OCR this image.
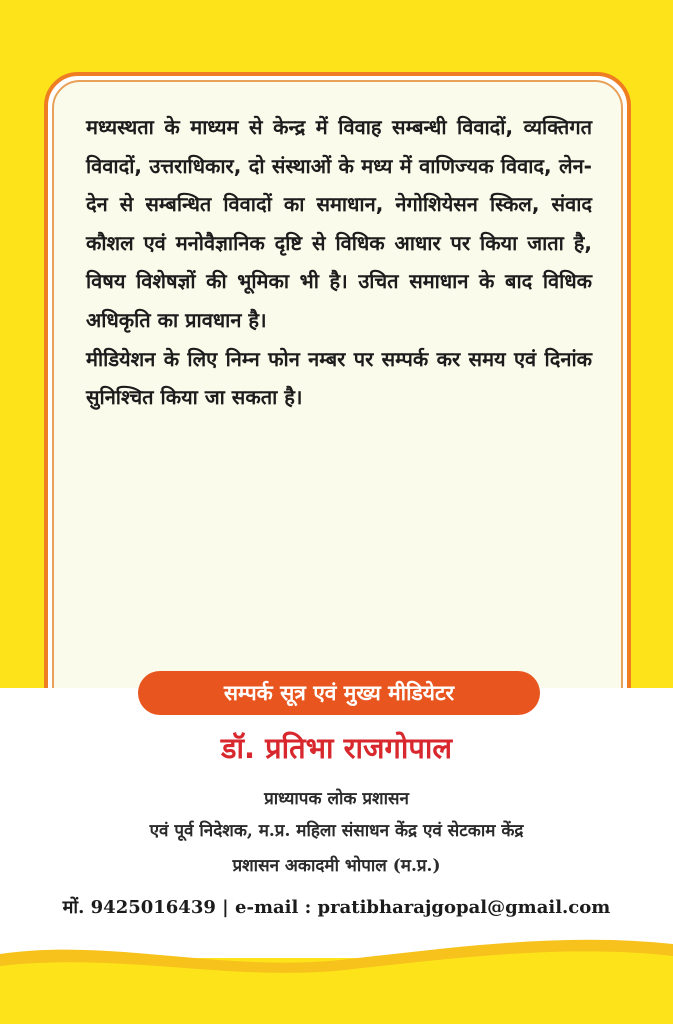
मध्यस्थता के माध्यम से केन्द्र में विवाह सम्बन्धी विवादों, व्यक्तिगत विवादों, उत्तराधिकार, दो संस्थाओं के मध्य में वाणिज्यक विवाद, लेन-देन से सम्बन्धित विवादों का समाधान, नेगोशियेसन स्किल, संवाद कौशल एवं मनोवैज्ञानिक दृष्टि से विधिक आधार पर किया जाता है, विषय विशेषज्ञों की भूमिका भी है। उचित समाधान के बाद विधिक अधिकृति का प्रावधान है।

मीडियेशन के लिए निम्न फोन नम्बर पर सम्पर्क कर समय एवं दिनांक सुनिश्चित किया जा सकता है।

सम्पर्क सूत्र एवं मुख्य मीडियेटर
डॉ. प्रतिभा राजगोपाल
प्राध्यापक लोक प्रशासन
एवं पूर्व निदेशक, म.प्र. महिला संसाधन केंद्र एवं सेटकाम केंद्र
प्रशासन अकादमी भोपाल (म.प्र.)
मों. 9425016439 | e-mail : pratibharajgopal@gmail.com
